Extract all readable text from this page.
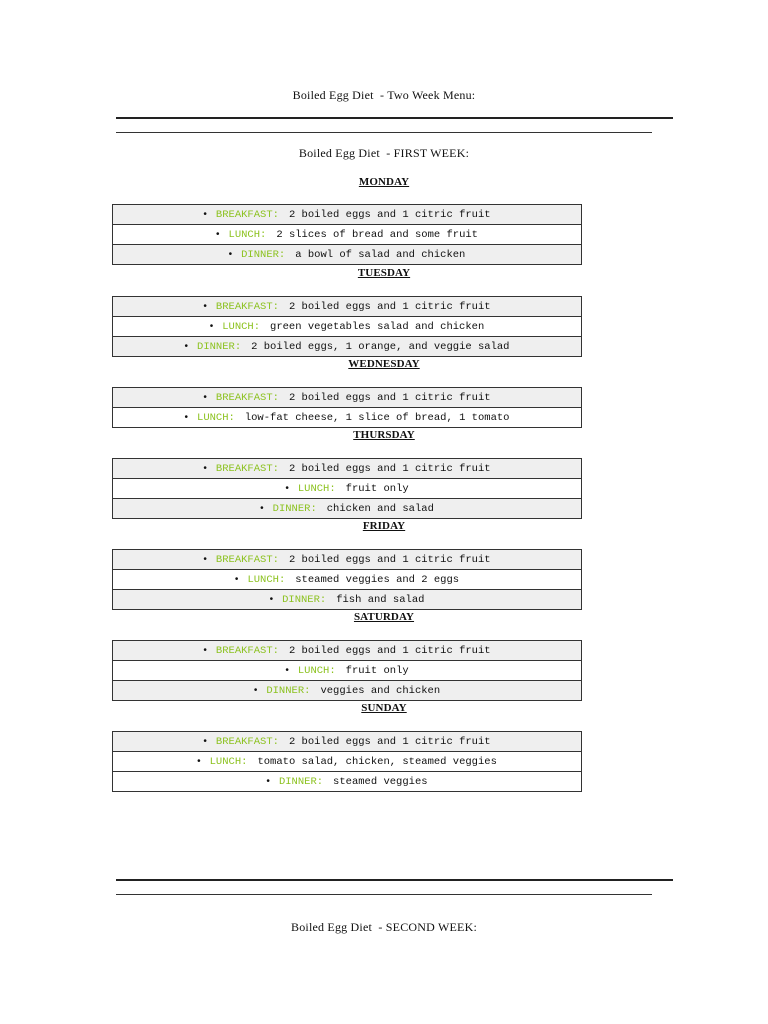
Boiled Egg Diet  - Two Week Menu:
Boiled Egg Diet  - FIRST WEEK:
MONDAY
• BREAKFAST: 2 boiled eggs and 1 citric fruit
• LUNCH: 2 slices of bread and some fruit
• DINNER: a bowl of salad and chicken
TUESDAY
• BREAKFAST: 2 boiled eggs and 1 citric fruit
• LUNCH: green vegetables salad and chicken
• DINNER: 2 boiled eggs, 1 orange, and veggie salad
WEDNESDAY
• BREAKFAST: 2 boiled eggs and 1 citric fruit
• LUNCH: low-fat cheese, 1 slice of bread, 1 tomato
THURSDAY
• BREAKFAST: 2 boiled eggs and 1 citric fruit
• LUNCH: fruit only
• DINNER: chicken and salad
FRIDAY
• BREAKFAST: 2 boiled eggs and 1 citric fruit
• LUNCH: steamed veggies and 2 eggs
• DINNER: fish and salad
SATURDAY
• BREAKFAST: 2 boiled eggs and 1 citric fruit
• LUNCH: fruit only
• DINNER: veggies and chicken
SUNDAY
• BREAKFAST: 2 boiled eggs and 1 citric fruit
• LUNCH: tomato salad, chicken, steamed veggies
• DINNER: steamed veggies
Boiled Egg Diet  - SECOND WEEK:
